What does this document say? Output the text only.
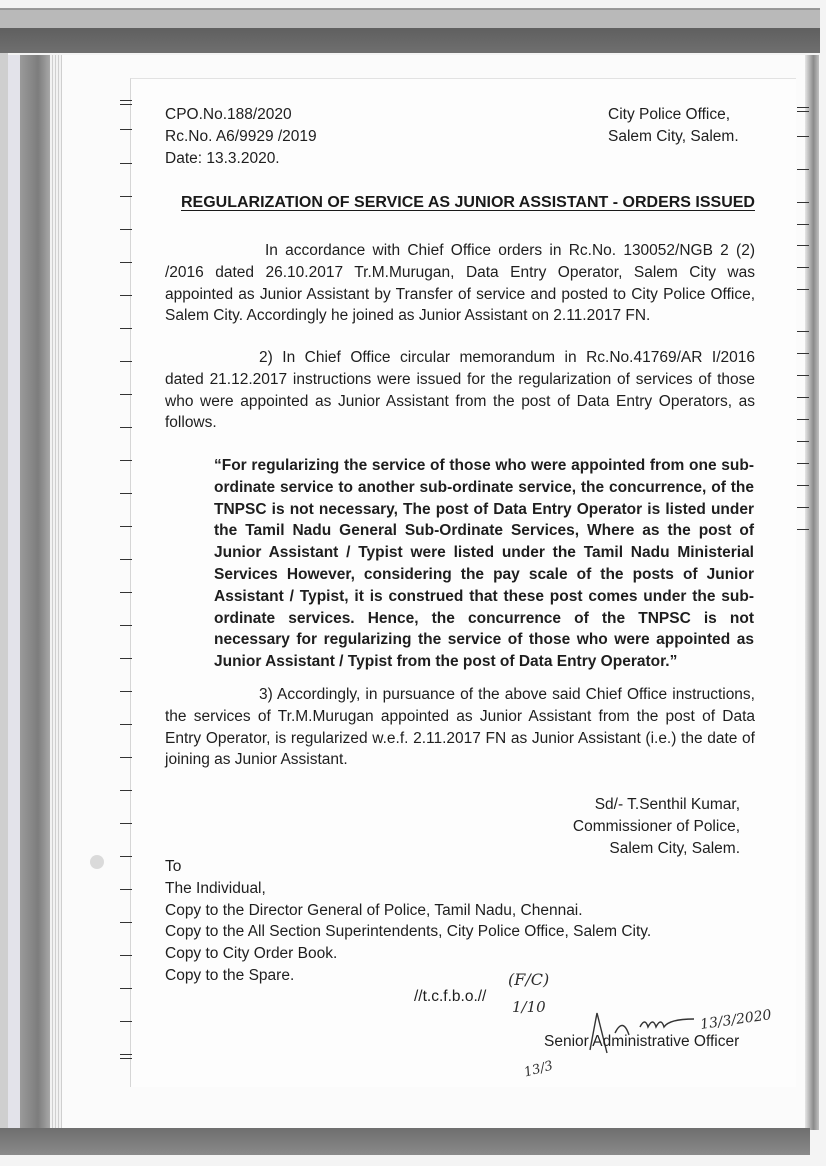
CPO.No.188/2020
Rc.No. A6/9929 /2019
Date: 13.3.2020.
City Police Office,
Salem City, Salem.
REGULARIZATION OF SERVICE AS JUNIOR ASSISTANT - ORDERS ISSUED
In accordance with Chief Office orders in Rc.No. 130052/NGB 2 (2) /2016 dated 26.10.2017 Tr.M.Murugan, Data Entry Operator, Salem City was appointed as Junior Assistant by Transfer of service and posted to City Police Office, Salem City. Accordingly he joined as Junior Assistant on 2.11.2017 FN.
2) In Chief Office circular memorandum in Rc.No.41769/AR I/2016 dated 21.12.2017 instructions were issued for the regularization of services of those who were appointed as Junior Assistant from the post of Data Entry Operators, as follows.
“For regularizing the service of those who were appointed from one sub-ordinate service to another sub-ordinate service, the concurrence, of the TNPSC is not necessary, The post of Data Entry Operator is listed under the Tamil Nadu General Sub-Ordinate Services, Where as the post of Junior Assistant / Typist were listed under the Tamil Nadu Ministerial Services However, considering the pay scale of the posts of Junior Assistant / Typist, it is construed that these post comes under the sub-ordinate services. Hence, the concurrence of the TNPSC is not necessary for regularizing the service of those who were appointed as Junior Assistant / Typist from the post of Data Entry Operator.”
3) Accordingly, in pursuance of the above said Chief Office instructions, the services of Tr.M.Murugan appointed as Junior Assistant from the post of Data Entry Operator, is regularized w.e.f. 2.11.2017 FN as Junior Assistant (i.e.) the date of joining as Junior Assistant.
Sd/- T.Senthil Kumar,
Commissioner of Police,
Salem City, Salem.
To
The Individual,
Copy to the Director General of Police, Tamil Nadu, Chennai.
Copy to the All Section Superintendents, City Police Office, Salem City.
Copy to City Order Book.
Copy to the Spare.
//t.c.f.b.o.//
(F/C)
1/10
13/3/2020
13/3
Senior Administrative Officer
